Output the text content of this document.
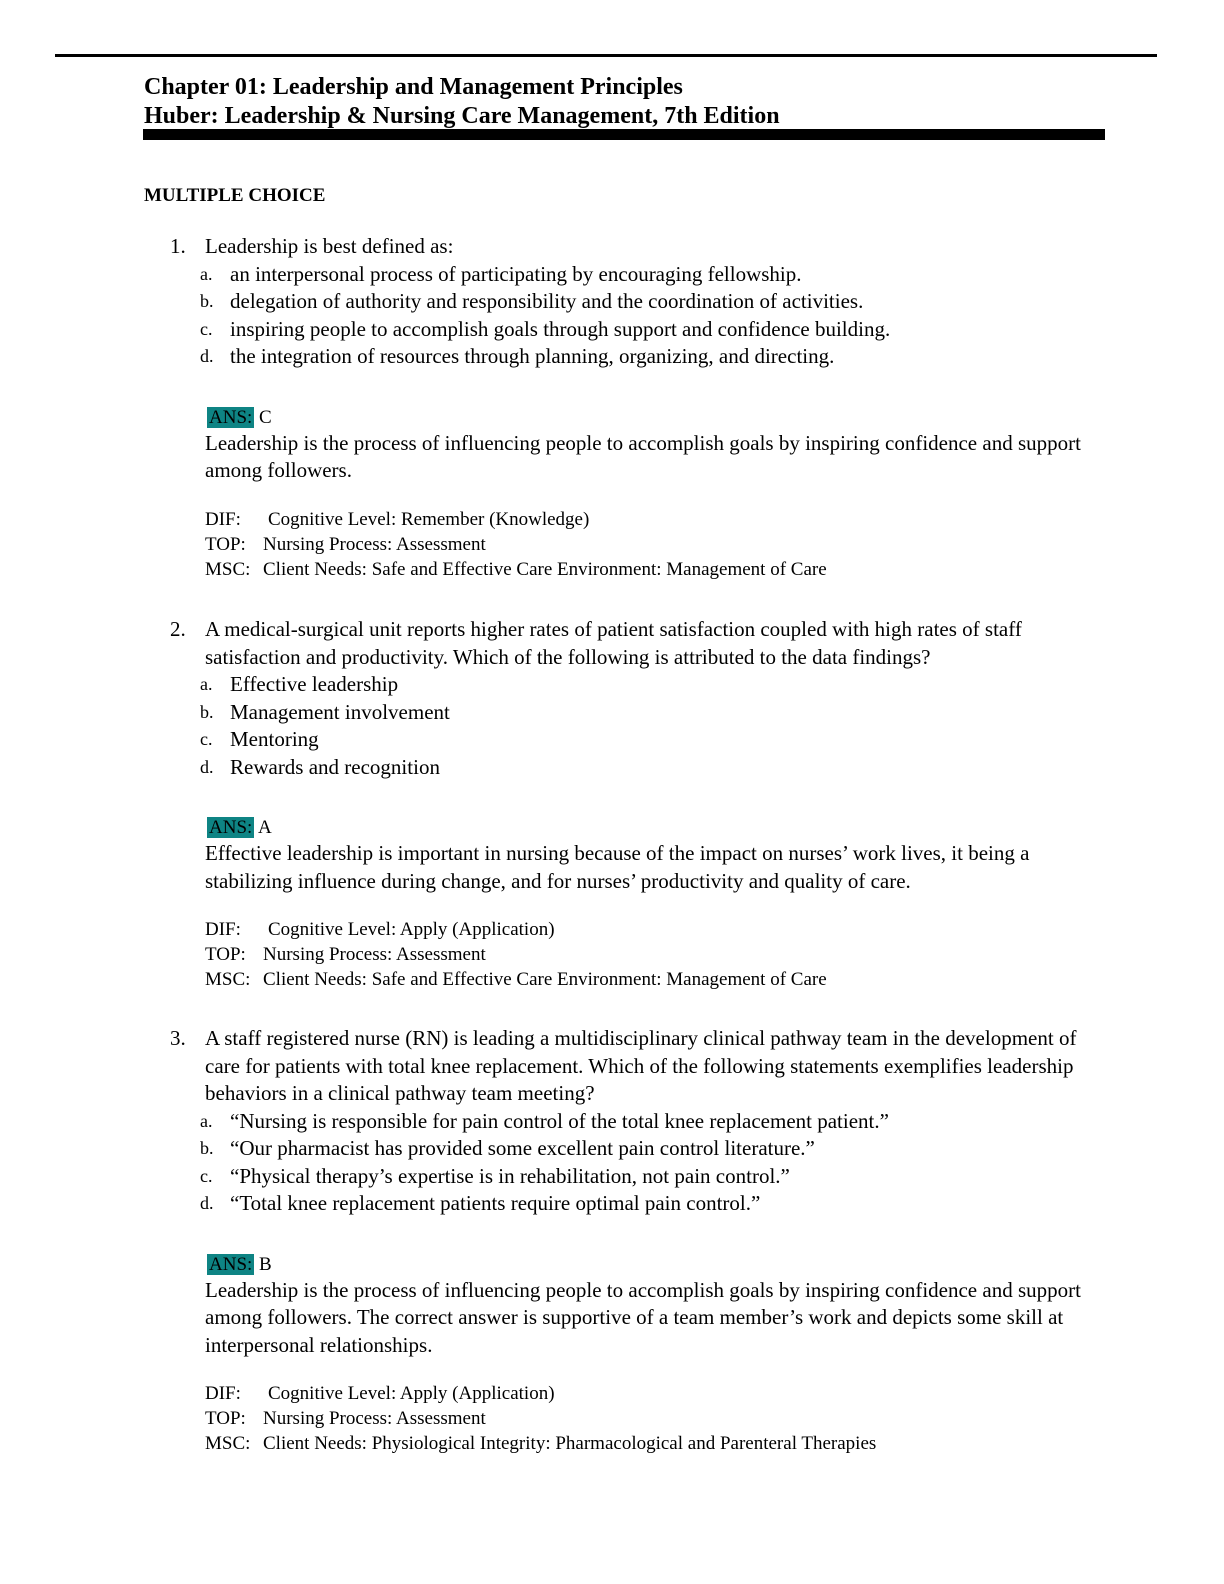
Chapter 01: Leadership and Management Principles
Huber: Leadership & Nursing Care Management, 7th Edition
MULTIPLE CHOICE
1. Leadership is best defined as:
a. an interpersonal process of participating by encouraging fellowship.
b. delegation of authority and responsibility and the coordination of activities.
c. inspiring people to accomplish goals through support and confidence building.
d. the integration of resources through planning, organizing, and directing.
ANS: C
Leadership is the process of influencing people to accomplish goals by inspiring confidence and support among followers.
DIF:	Cognitive Level: Remember (Knowledge)
TOP: Nursing Process: Assessment
MSC: Client Needs: Safe and Effective Care Environment: Management of Care
2. A medical-surgical unit reports higher rates of patient satisfaction coupled with high rates of staff satisfaction and productivity. Which of the following is attributed to the data findings?
a. Effective leadership
b. Management involvement
c. Mentoring
d. Rewards and recognition
ANS: A
Effective leadership is important in nursing because of the impact on nurses’ work lives, it being a stabilizing influence during change, and for nurses’ productivity and quality of care.
DIF:	Cognitive Level: Apply (Application)
TOP: Nursing Process: Assessment
MSC: Client Needs: Safe and Effective Care Environment: Management of Care
3. A staff registered nurse (RN) is leading a multidisciplinary clinical pathway team in the development of care for patients with total knee replacement. Which of the following statements exemplifies leadership behaviors in a clinical pathway team meeting?
a. “Nursing is responsible for pain control of the total knee replacement patient.”
b. “Our pharmacist has provided some excellent pain control literature.”
c. “Physical therapy’s expertise is in rehabilitation, not pain control.”
d. “Total knee replacement patients require optimal pain control.”
ANS: B
Leadership is the process of influencing people to accomplish goals by inspiring confidence and support among followers. The correct answer is supportive of a team member’s work and depicts some skill at interpersonal relationships.
DIF:	Cognitive Level: Apply (Application)
TOP: Nursing Process: Assessment
MSC: Client Needs: Physiological Integrity: Pharmacological and Parenteral Therapies
